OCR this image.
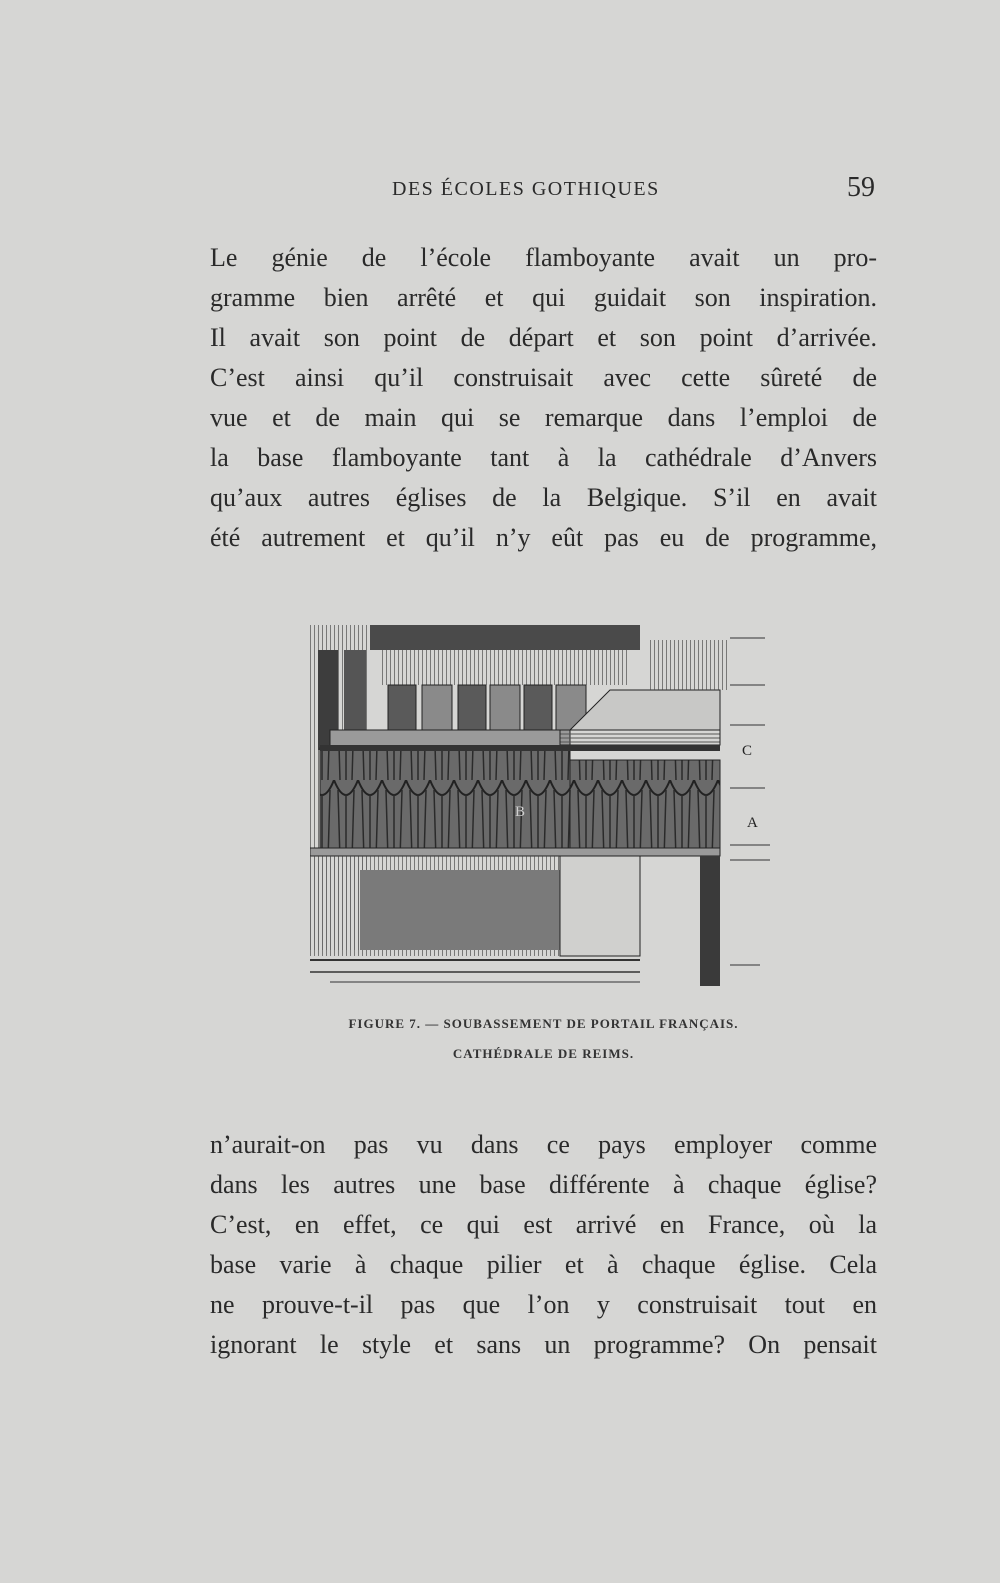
DES ÉCOLES GOTHIQUES	59
Le génie de l’école flamboyante avait un pro-
gramme bien arrêté et qui guidait son inspiration.
Il avait son point de départ et son point d’arrivée.
C’est ainsi qu’il construisait avec cette sûreté de
vue et de main qui se remarque dans l’emploi de
la base flamboyante tant à la cathédrale d’Anvers
qu’aux autres églises de la Belgique. S’il en avait
été autrement et qu’il n’y eût pas eu de programme,
C
A
B
FIGURE 7. — SOUBASSEMENT DE PORTAIL FRANÇAIS.
CATHÉDRALE DE REIMS.
n’aurait-on pas vu dans ce pays employer comme
dans les autres une base différente à chaque église?
C’est, en effet, ce qui est arrivé en France, où la
base varie à chaque pilier et à chaque église. Cela
ne prouve-t-il pas que l’on y construisait tout en
ignorant le style et sans un programme? On pensait
